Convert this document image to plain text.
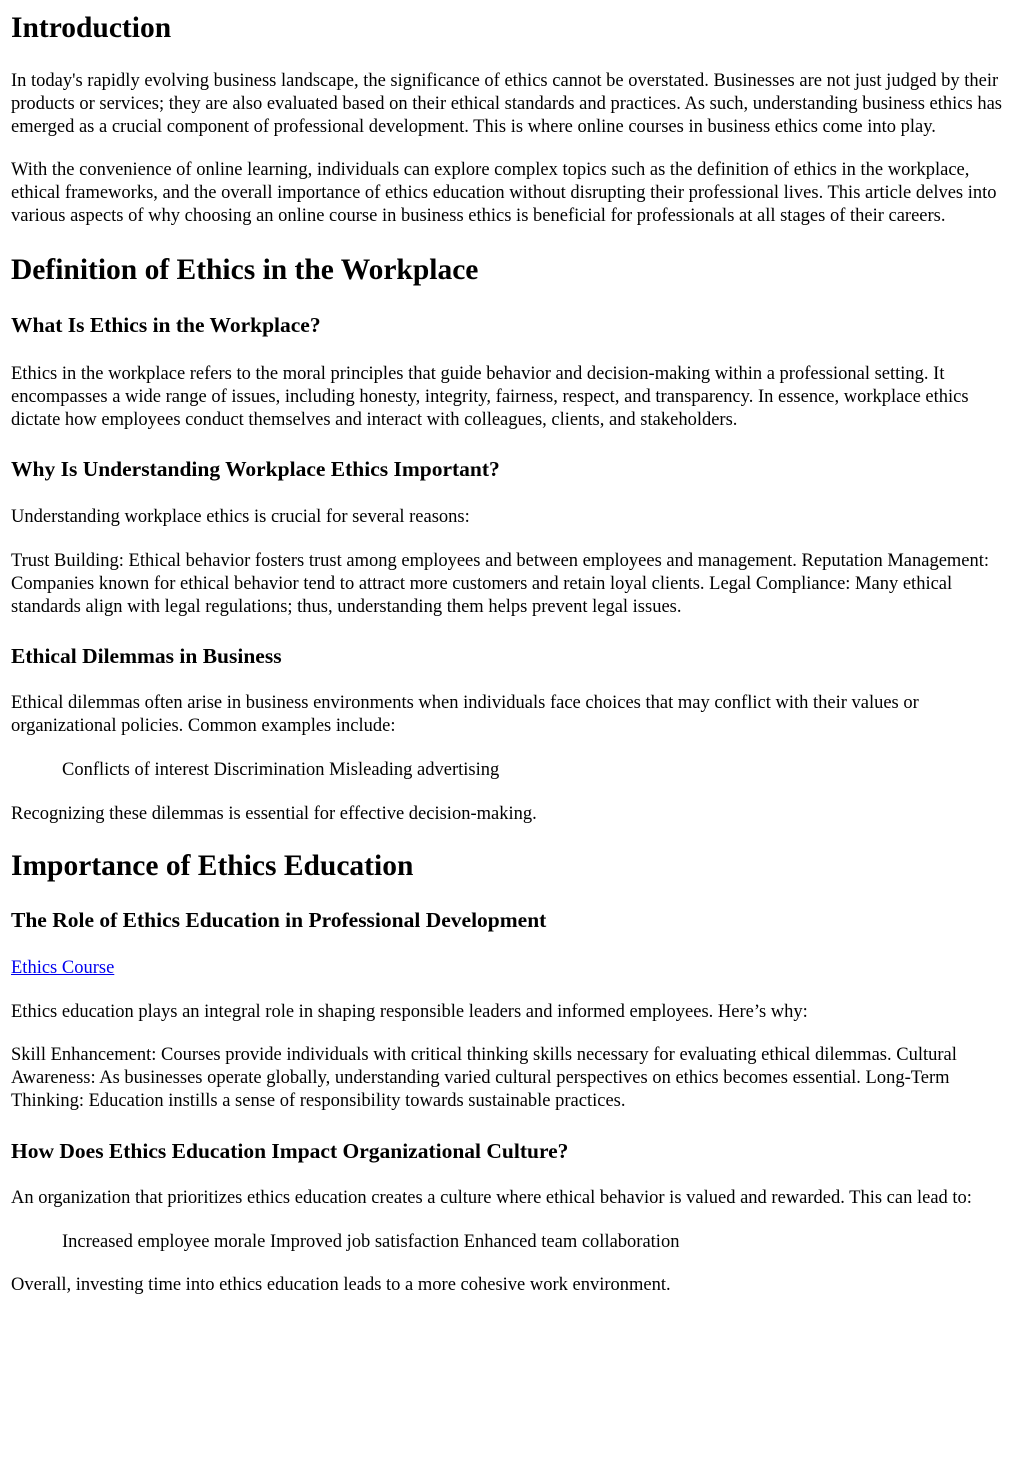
Introduction

In today's rapidly evolving business landscape, the significance of ethics cannot be overstated. Businesses are not just judged by their products or services; they are also evaluated based on their ethical standards and practices. As such, understanding business ethics has emerged as a crucial component of professional development. This is where online courses in business ethics come into play.

With the convenience of online learning, individuals can explore complex topics such as the definition of ethics in the workplace, ethical frameworks, and the overall importance of ethics education without disrupting their professional lives. This article delves into various aspects of why choosing an online course in business ethics is beneficial for professionals at all stages of their careers.

Definition of Ethics in the Workplace
What Is Ethics in the Workplace?

Ethics in the workplace refers to the moral principles that guide behavior and decision-making within a professional setting. It encompasses a wide range of issues, including honesty, integrity, fairness, respect, and transparency. In essence, workplace ethics dictate how employees conduct themselves and interact with colleagues, clients, and stakeholders.

Why Is Understanding Workplace Ethics Important?

Understanding workplace ethics is crucial for several reasons:

Trust Building: Ethical behavior fosters trust among employees and between employees and management. Reputation Management: Companies known for ethical behavior tend to attract more customers and retain loyal clients. Legal Compliance: Many ethical standards align with legal regulations; thus, understanding them helps prevent legal issues.

Ethical Dilemmas in Business

Ethical dilemmas often arise in business environments when individuals face choices that may conflict with their values or organizational policies. Common examples include:

Conflicts of interest Discrimination Misleading advertising

Recognizing these dilemmas is essential for effective decision-making.

Importance of Ethics Education
The Role of Ethics Education in Professional Development

Ethics Course

Ethics education plays an integral role in shaping responsible leaders and informed employees. Here’s why:

Skill Enhancement: Courses provide individuals with critical thinking skills necessary for evaluating ethical dilemmas. Cultural Awareness: As businesses operate globally, understanding varied cultural perspectives on ethics becomes essential. Long-Term Thinking: Education instills a sense of responsibility towards sustainable practices.

How Does Ethics Education Impact Organizational Culture?

An organization that prioritizes ethics education creates a culture where ethical behavior is valued and rewarded. This can lead to:

Increased employee morale Improved job satisfaction Enhanced team collaboration

Overall, investing time into ethics education leads to a more cohesive work environment.
